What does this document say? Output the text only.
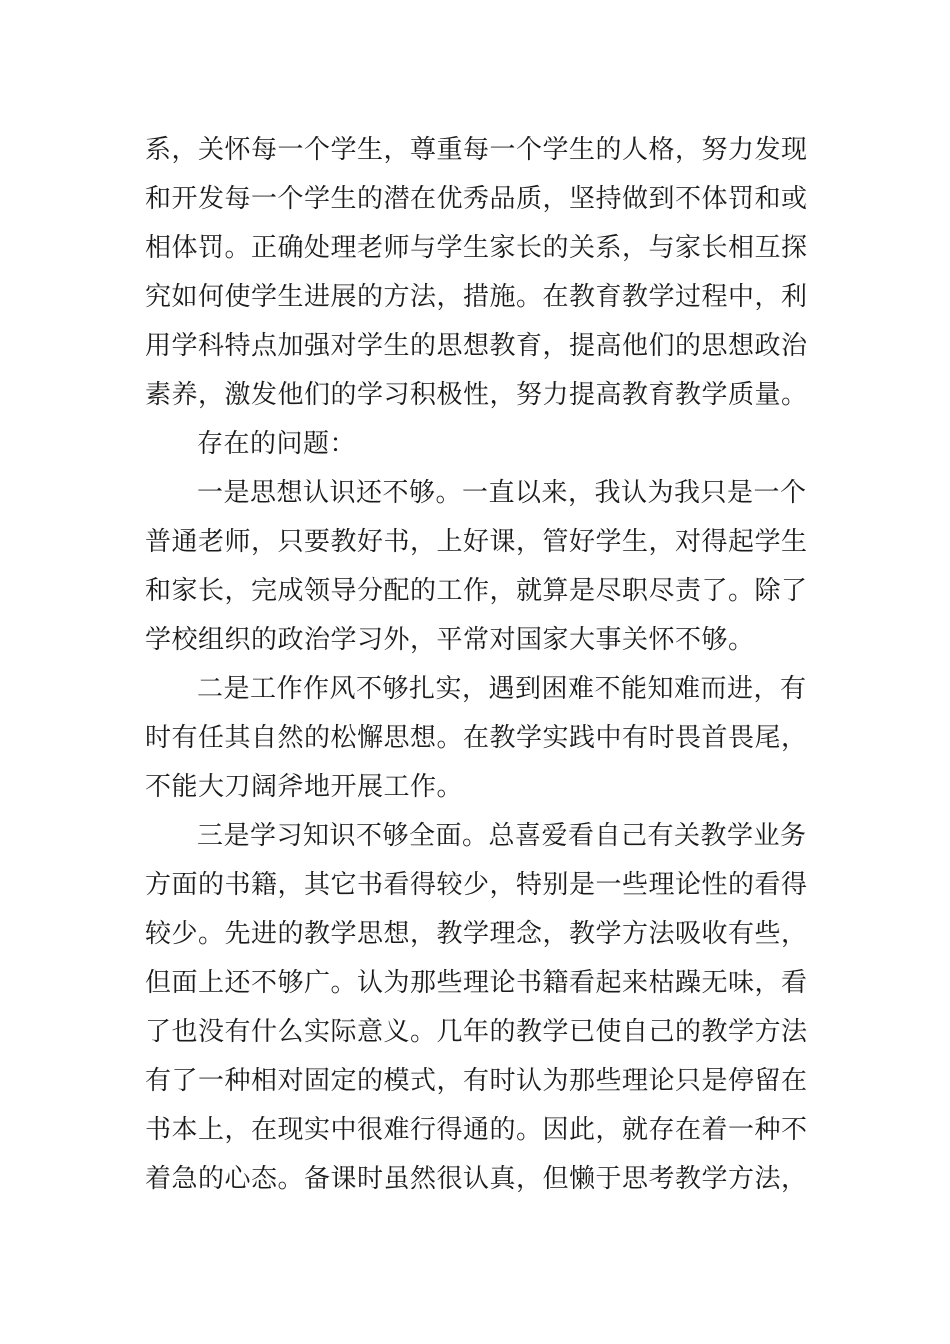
系，关怀每一个学生，尊重每一个学生的人格，努力发现
和开发每一个学生的潜在优秀品质，坚持做到不体罚和或
相体罚。正确处理老师与学生家长的关系，与家长相互探
究如何使学生进展的方法，措施。在教育教学过程中，利
用学科特点加强对学生的思想教育，提高他们的思想政治
素养，激发他们的学习积极性，努力提高教育教学质量。
存在的问题：
一是思想认识还不够。一直以来，我认为我只是一个
普通老师，只要教好书，上好课，管好学生，对得起学生
和家长，完成领导分配的工作，就算是尽职尽责了。除了
学校组织的政治学习外，平常对国家大事关怀不够。
二是工作作风不够扎实，遇到困难不能知难而进，有
时有任其自然的松懈思想。在教学实践中有时畏首畏尾，
不能大刀阔斧地开展工作。
三是学习知识不够全面。总喜爱看自己有关教学业务
方面的书籍，其它书看得较少，特别是一些理论性的看得
较少。先进的教学思想，教学理念，教学方法吸收有些，
但面上还不够广。认为那些理论书籍看起来枯躁无味，看
了也没有什么实际意义。几年的教学已使自己的教学方法
有了一种相对固定的模式，有时认为那些理论只是停留在
书本上，在现实中很难行得通的。因此，就存在着一种不
着急的心态。备课时虽然很认真，但懒于思考教学方法，
